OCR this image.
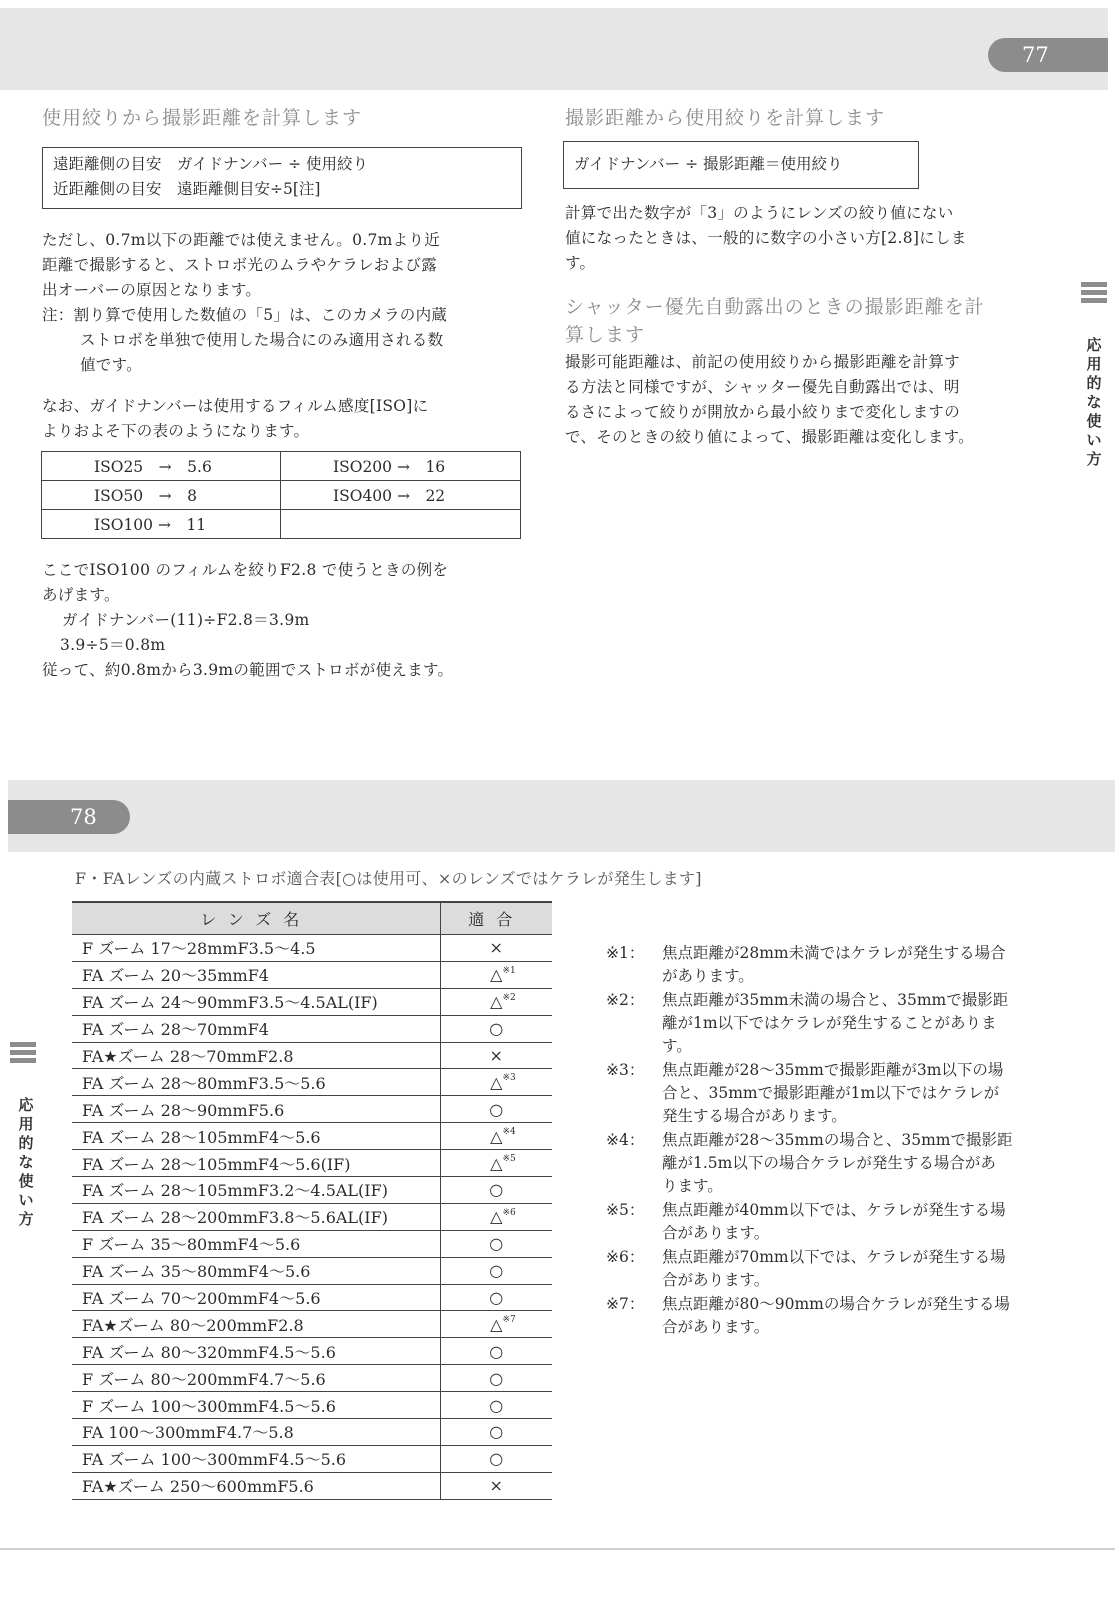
77
使用絞りから撮影距離を計算します
遠距離側の目安　ガイドナンバー ÷ 使用絞り
近距離側の目安　遠距離側目安÷5[注]
ただし、0.7m以下の距離では使えません。0.7mより近
距離で撮影すると、ストロボ光のムラやケラレおよび露
出オーバーの原因となります。
注：割り算で使用した数値の「5」は、このカメラの内蔵
ストロボを単独で使用した場合にのみ適用される数
値です。
なお、ガイドナンバーは使用するフィルム感度[ISO]に
よりおよそ下の表のようになります。
ISO25　→　5.6	ISO200 →　16
ISO50　→　8	ISO400 →　22
ISO100 →　11	
ここでISO100 のフィルムを絞りF2.8 で使うときの例を
あげます。
ガイドナンバー(11)÷F2.8＝3.9m
3.9÷5＝0.8m
従って、約0.8mから3.9mの範囲でストロボが使えます。
撮影距離から使用絞りを計算します
ガイドナンバー ÷ 撮影距離＝使用絞り
計算で出た数字が「3」のようにレンズの絞り値にない
値になったときは、一般的に数字の小さい方[2.8]にしま
す。
シャッター優先自動露出のときの撮影距離を計
算します
撮影可能距離は、前記の使用絞りから撮影距離を計算す
る方法と同様ですが、シャッター優先自動露出では、明
るさによって絞りが開放から最小絞りまで変化しますの
で、そのときの絞り値によって、撮影距離は変化します。
応
用
的
な
使
い
方
78
F・FAレンズの内蔵ストロボ適合表[○は使用可、×のレンズではケラレが発生します]
レンズ名	適合
F ズーム 17〜28mmF3.5〜4.5	×
FA ズーム 20〜35mmF4	△ ※1

FA ズーム 24〜90mmF3.5〜4.5AL(IF)	△ ※2

FA ズーム 28〜70mmF4	○
FA★ズーム 28〜70mmF2.8	×
FA ズーム 28〜80mmF3.5〜5.6	△ ※3

FA ズーム 28〜90mmF5.6	○
FA ズーム 28〜105mmF4〜5.6	△ ※4

FA ズーム 28〜105mmF4〜5.6(IF)	△ ※5

FA ズーム 28〜105mmF3.2〜4.5AL(IF)	○
FA ズーム 28〜200mmF3.8〜5.6AL(IF)	△ ※6

F ズーム 35〜80mmF4〜5.6	○
FA ズーム 35〜80mmF4〜5.6	○
FA ズーム 70〜200mmF4〜5.6	○
FA★ズーム 80〜200mmF2.8	△ ※7

FA ズーム 80〜320mmF4.5〜5.6	○
F ズーム 80〜200mmF4.7〜5.6	○
F ズーム 100〜300mmF4.5〜5.6	○
FA 100〜300mmF4.7〜5.8	○
FA ズーム 100〜300mmF4.5〜5.6	○
FA★ズーム 250〜600mmF5.6	×
※1： 焦点距離が28mm未満ではケラレが発生する場合
があります。
※2： 焦点距離が35mm未満の場合と、35mmで撮影距
離が1m以下ではケラレが発生することがありま
す。
※3： 焦点距離が28〜35mmで撮影距離が3m以下の場
合と、35mmで撮影距離が1m以下ではケラレが
発生する場合があります。
※4： 焦点距離が28〜35mmの場合と、35mmで撮影距
離が1.5m以下の場合ケラレが発生する場合があ
ります。
※5： 焦点距離が40mm以下では、ケラレが発生する場
合があります。
※6： 焦点距離が70mm以下では、ケラレが発生する場
合があります。
※7： 焦点距離が80〜90mmの場合ケラレが発生する場
合があります。
応
用
的
な
使
い
方
